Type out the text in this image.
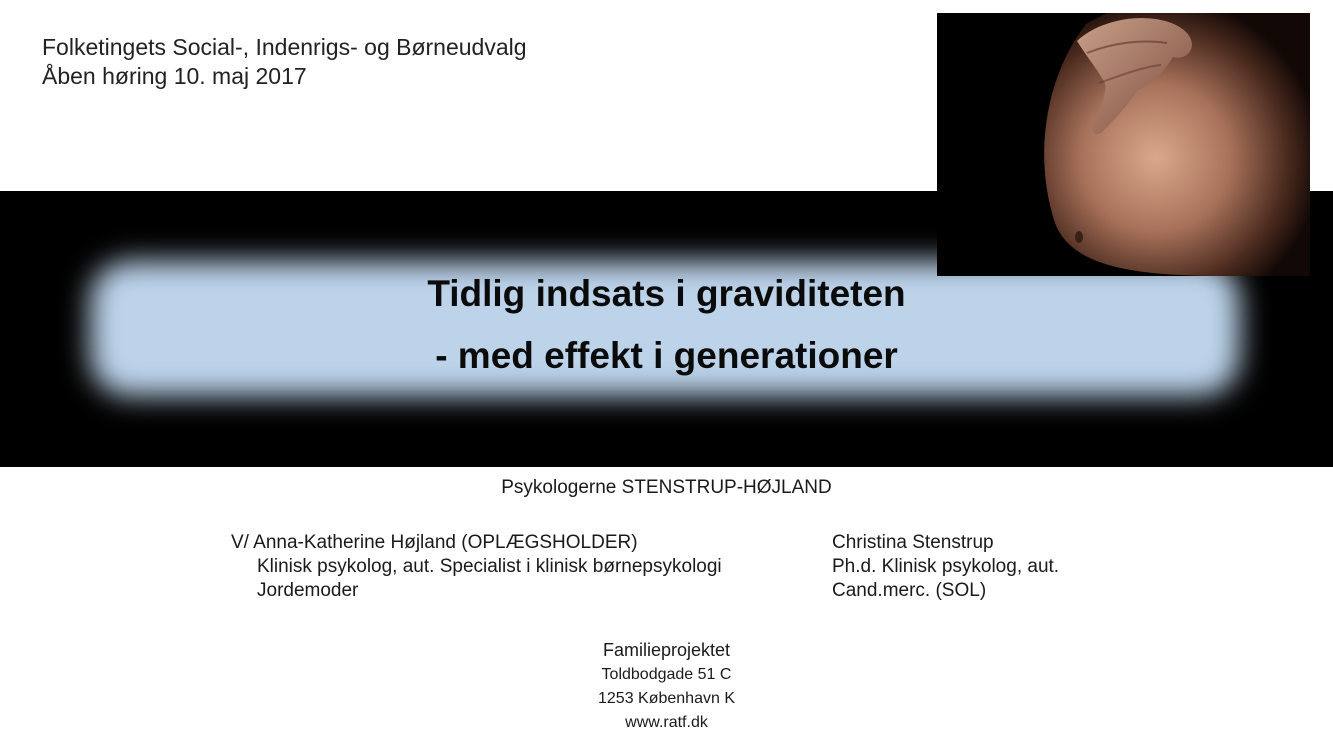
Folketingets Social-, Indenrigs- og Børneudvalg
Åben høring 10. maj 2017
Tidlig indsats i graviditeten
- med effekt i generationer
Psykologerne STENSTRUP-HØJLAND
V/ Anna-Katherine Højland (OPLÆGSHOLDER)
Klinisk psykolog, aut. Specialist i klinisk børnepsykologi
Jordemoder
Christina Stenstrup
Ph.d. Klinisk psykolog, aut.
Cand.merc. (SOL)
Familieprojektet
Toldbodgade 51 C
1253 København K
www.ratf.dk
